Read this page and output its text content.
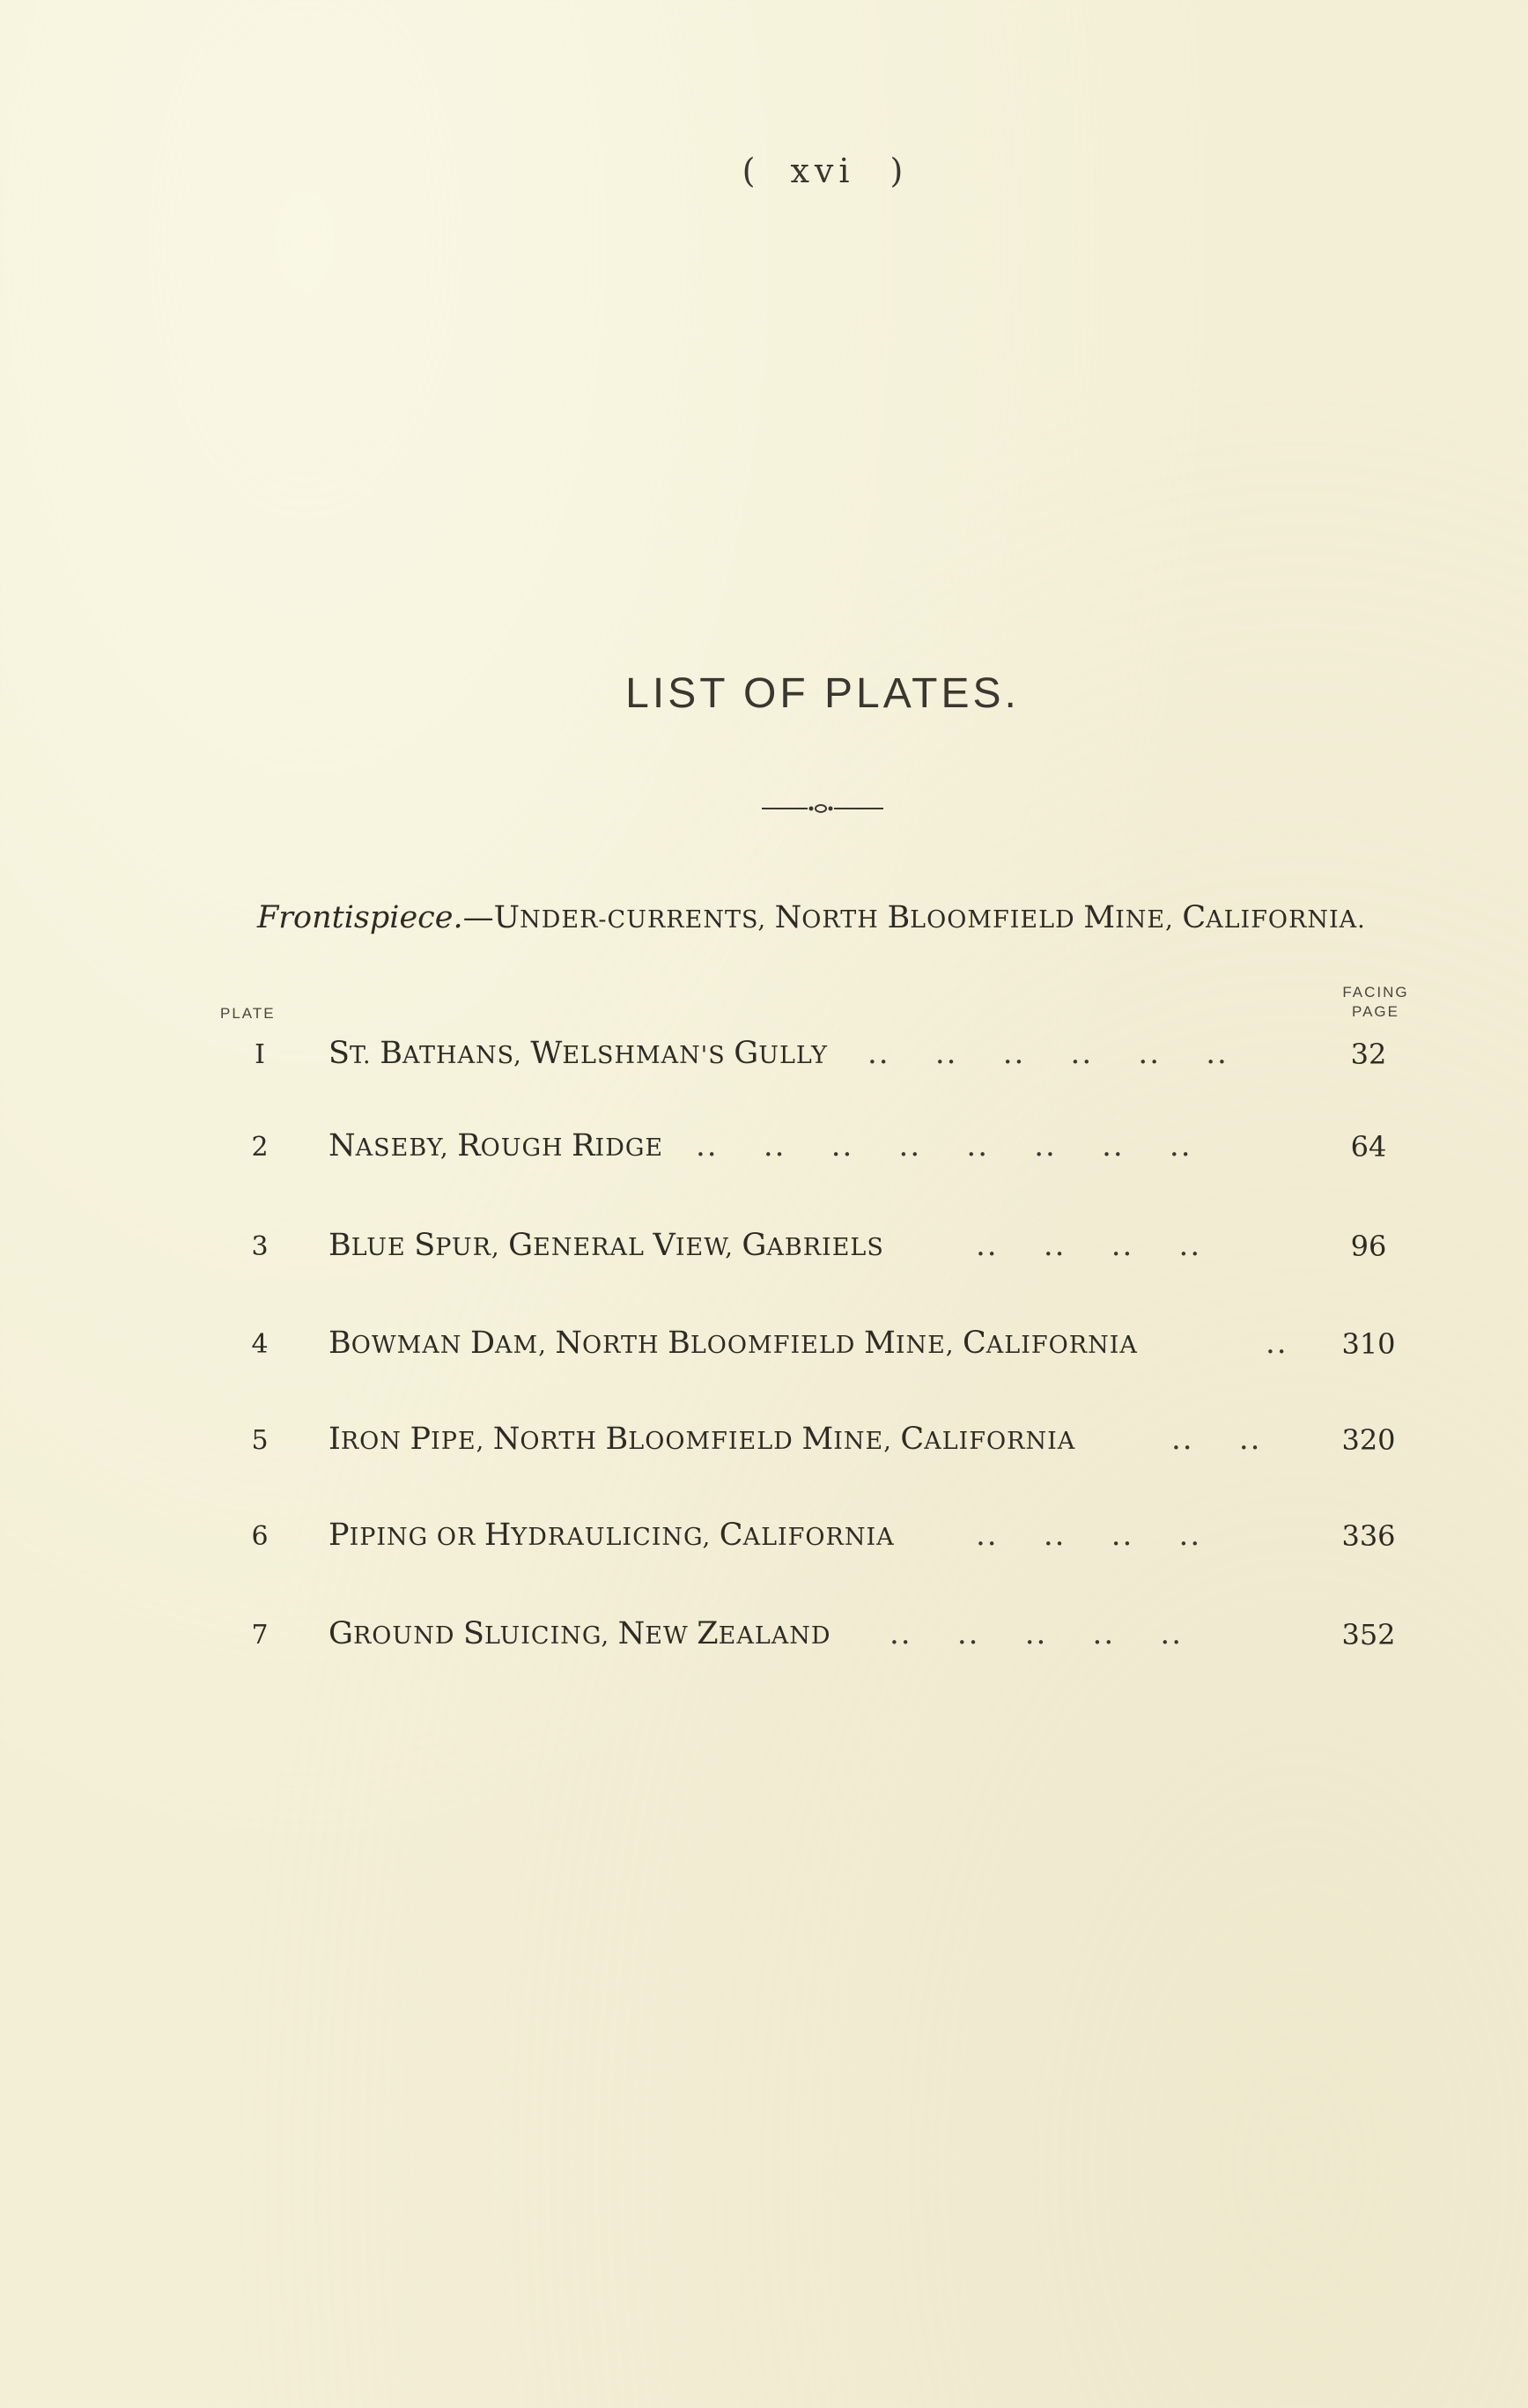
( xvi )
LIST OF PLATES.
Frontispiece.—UNDER-CURRENTS, NORTH BLOOMFIELD MINE, CALIFORNIA.
PLATE
FACING
PAGE
I	ST. BATHANS, WELSHMAN'S GULLY ..    ..    ..    ..    ..    ..	32
2	NASEBY, ROUGH RIDGE ..    ..    ..    ..    ..    ..    ..    ..	64
3	BLUE SPUR, GENERAL VIEW, GABRIELS	..    ..    ..    ..	96
4	BOWMAN DAM, NORTH BLOOMFIELD MINE, CALIFORNIA	..	310
5	IRON PIPE, NORTH BLOOMFIELD MINE, CALIFORNIA	..    ..	320
6	PIPING OR HYDRAULICING, CALIFORNIA	..    ..    ..    ..	336
7	GROUND SLUICING, NEW ZEALAND ..    ..    ..    ..    ..	352
